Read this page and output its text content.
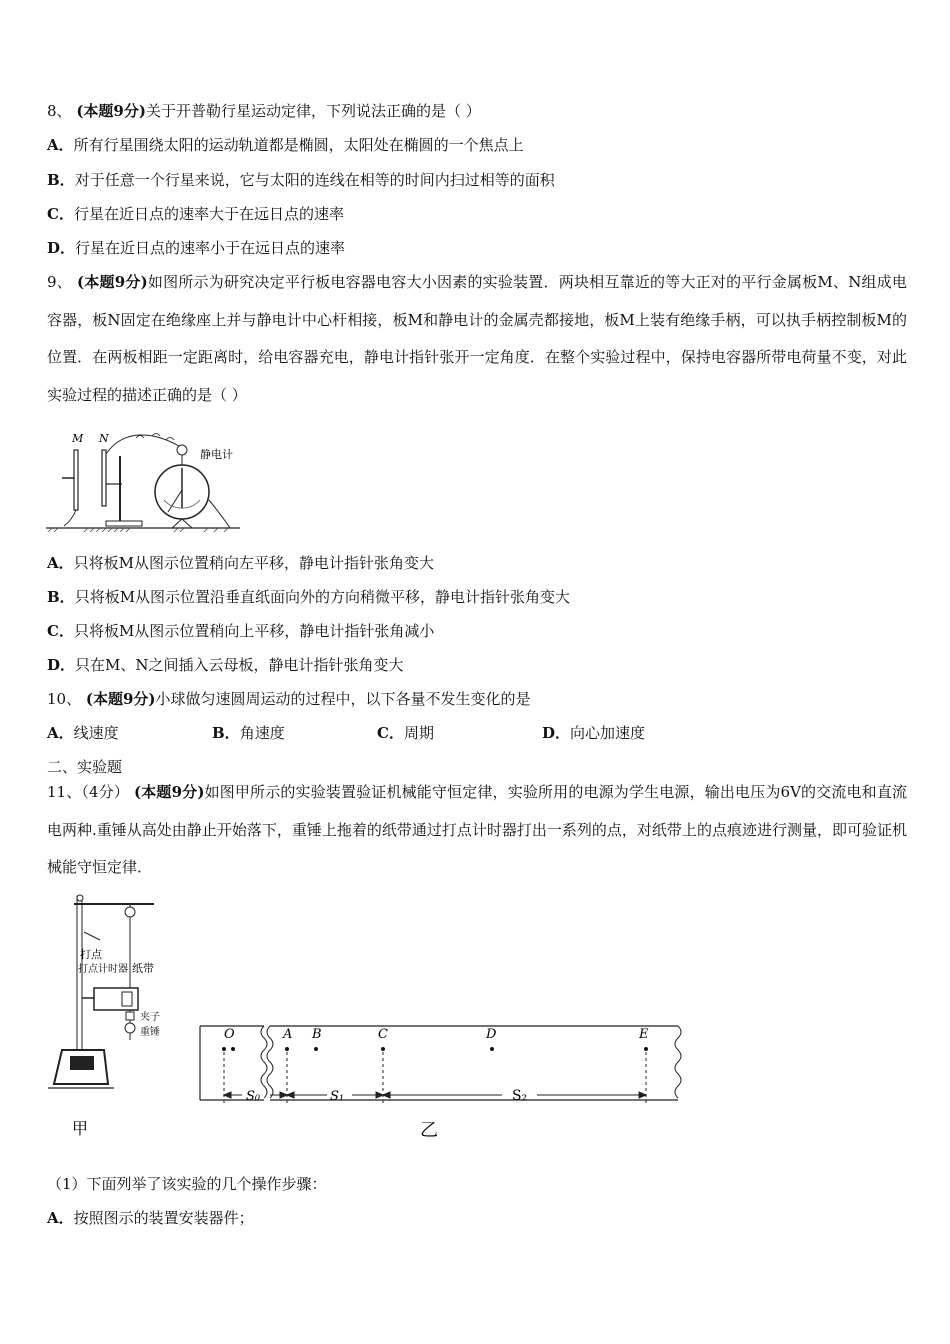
8、 (本题9分)关于开普勒行星运动定律，下列说法正确的是（ ）
A．所有行星围绕太阳的运动轨道都是椭圆，太阳处在椭圆的一个焦点上
B．对于任意一个行星来说，它与太阳的连线在相等的时间内扫过相等的面积
C．行星在近日点的速率大于在远日点的速率
D．行星在近日点的速率小于在远日点的速率
9、 (本题9分)如图所示为研究决定平行板电容器电容大小因素的实验装置．两块相互靠近的等大正对的平行金属板M、N组成电容器，板N固定在绝缘座上并与静电计中心杆相接，板M和静电计的金属壳都接地，板M上装有绝缘手柄，可以执手柄控制板M的位置．在两板相距一定距离时，给电容器充电，静电计指针张开一定角度．在整个实验过程中，保持电容器所带电荷量不变，对此实验过程的描述正确的是（ ）
M N
静电计
A．只将板M从图示位置稍向左平移，静电计指针张角变大
B．只将板M从图示位置沿垂直纸面向外的方向稍微平移，静电计指针张角变大
C．只将板M从图示位置稍向上平移，静电计指针张角减小
D．只在M、N之间插入云母板，静电计指针张角变大
10、 (本题9分)小球做匀速圆周运动的过程中，以下各量不发生变化的是
A．线速度	B．角速度	C．周期	D．向心加速度
二、实验题
11、（4分） (本题9分)如图甲所示的实验装置验证机械能守恒定律，实验所用的电源为学生电源，输出电压为6V的交流电和直流电两种.重锤从高处由静止开始落下，重锤上拖着的纸带通过打点计时器打出一系列的点，对纸带上的点痕迹进行测量，即可验证机械能守恒定律．
打点
打点计时器 纸带
夹子
重锤
甲
O	A B	C	D	E
S₀	S₁	S₂
乙
（1）下面列举了该实验的几个操作步骤：
A．按照图示的装置安装器件；
